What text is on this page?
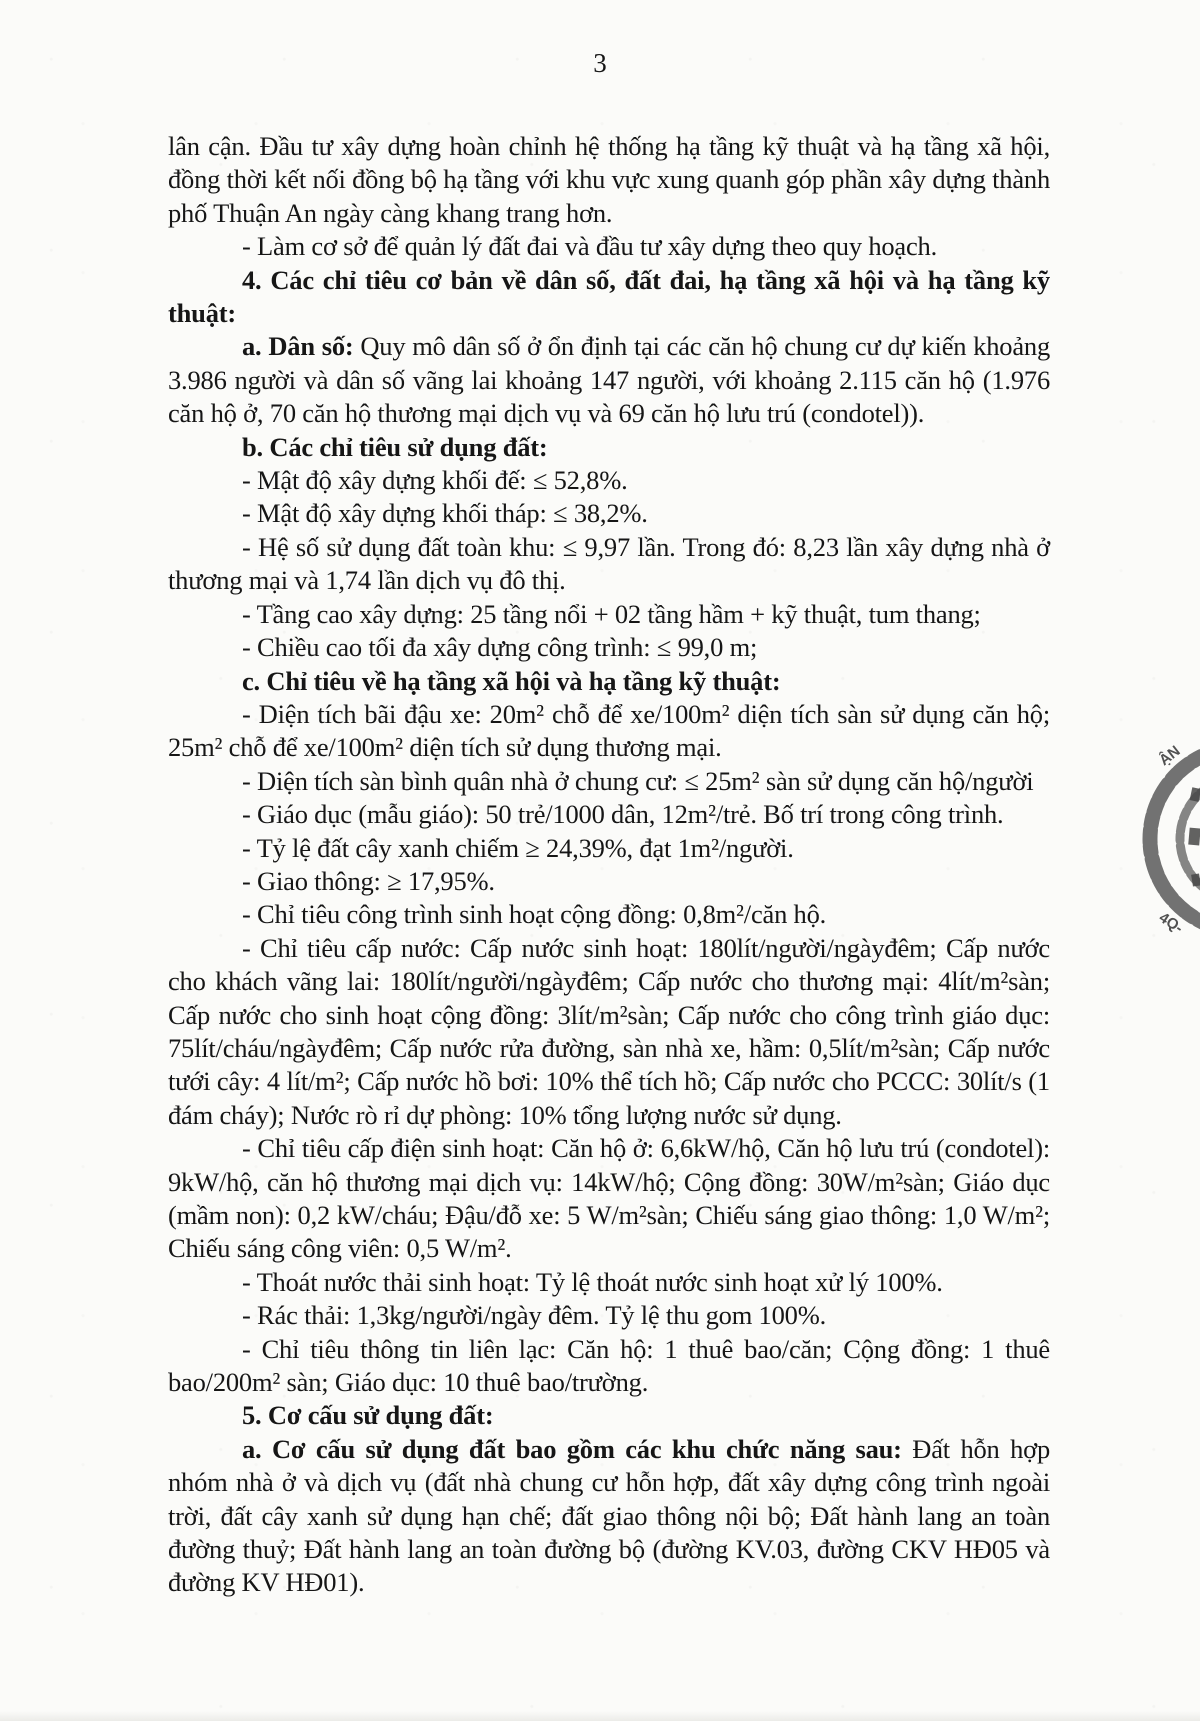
3

lân cận. Đầu tư xây dựng hoàn chỉnh hệ thống hạ tầng kỹ thuật và hạ tầng xã hội, đồng thời kết nối đồng bộ hạ tầng với khu vực xung quanh góp phần xây dựng thành phố Thuận An ngày càng khang trang hơn.

- Làm cơ sở để quản lý đất đai và đầu tư xây dựng theo quy hoạch.

4. Các chỉ tiêu cơ bản về dân số, đất đai, hạ tầng xã hội và hạ tầng kỹ thuật:

a. Dân số: Quy mô dân số ở ổn định tại các căn hộ chung cư dự kiến khoảng 3.986 người và dân số vãng lai khoảng 147 người, với khoảng 2.115 căn hộ (1.976 căn hộ ở, 70 căn hộ thương mại dịch vụ và 69 căn hộ lưu trú (condotel)).

b. Các chỉ tiêu sử dụng đất:

- Mật độ xây dựng khối đế: ≤ 52,8%.

- Mật độ xây dựng khối tháp: ≤ 38,2%.

- Hệ số sử dụng đất toàn khu: ≤ 9,97 lần. Trong đó: 8,23 lần xây dựng nhà ở thương mại và 1,74 lần dịch vụ đô thị.

- Tầng cao xây dựng: 25 tầng nổi + 02 tầng hầm + kỹ thuật, tum thang;

- Chiều cao tối đa xây dựng công trình: ≤ 99,0 m;

c. Chỉ tiêu về hạ tầng xã hội và hạ tầng kỹ thuật:

- Diện tích bãi đậu xe: 20m² chỗ để xe/100m² diện tích sàn sử dụng căn hộ; 25m² chỗ để xe/100m² diện tích sử dụng thương mại.

- Diện tích sàn bình quân nhà ở chung cư: ≤ 25m² sàn sử dụng căn hộ/người

- Giáo dục (mẫu giáo): 50 trẻ/1000 dân, 12m²/trẻ. Bố trí trong công trình.

- Tỷ lệ đất cây xanh chiếm ≥ 24,39%, đạt 1m²/người.

- Giao thông: ≥ 17,95%.

- Chỉ tiêu công trình sinh hoạt cộng đồng: 0,8m²/căn hộ.

- Chỉ tiêu cấp nước: Cấp nước sinh hoạt: 180lít/người/ngàyđêm; Cấp nước cho khách vãng lai: 180lít/người/ngàyđêm; Cấp nước cho thương mại: 4lít/m²sàn; Cấp nước cho sinh hoạt cộng đồng: 3lít/m²sàn; Cấp nước cho công trình giáo dục: 75lít/cháu/ngàyđêm; Cấp nước rửa đường, sàn nhà xe, hầm: 0,5lít/m²sàn; Cấp nước tưới cây: 4 lít/m²; Cấp nước hồ bơi: 10% thể tích hồ; Cấp nước cho PCCC: 30lít/s (1 đám cháy); Nước rò rỉ dự phòng: 10% tổng lượng nước sử dụng.

- Chỉ tiêu cấp điện sinh hoạt: Căn hộ ở: 6,6kW/hộ, Căn hộ lưu trú (condotel): 9kW/hộ, căn hộ thương mại dịch vụ: 14kW/hộ; Cộng đồng: 30W/m²sàn; Giáo dục (mầm non): 0,2 kW/cháu; Đậu/đỗ xe: 5 W/m²sàn; Chiếu sáng giao thông: 1,0 W/m²; Chiếu sáng công viên: 0,5 W/m².

- Thoát nước thải sinh hoạt: Tỷ lệ thoát nước sinh hoạt xử lý 100%.

- Rác thải: 1,3kg/người/ngày đêm. Tỷ lệ thu gom 100%.

- Chỉ tiêu thông tin liên lạc: Căn hộ: 1 thuê bao/căn; Cộng đồng: 1 thuê bao/200m² sàn; Giáo dục: 10 thuê bao/trường.

5. Cơ cấu sử dụng đất:

a. Cơ cấu sử dụng đất bao gồm các khu chức năng sau: Đất hỗn hợp nhóm nhà ở và dịch vụ (đất nhà chung cư hỗn hợp, đất xây dựng công trình ngoài trời, đất cây xanh sử dụng hạn chế; đất giao thông nội bộ; Đất hành lang an toàn đường thuỷ; Đất hành lang an toàn đường bộ (đường KV.03, đường CKV HĐ05 và đường KV HĐ01).

ẬN
4Q-
